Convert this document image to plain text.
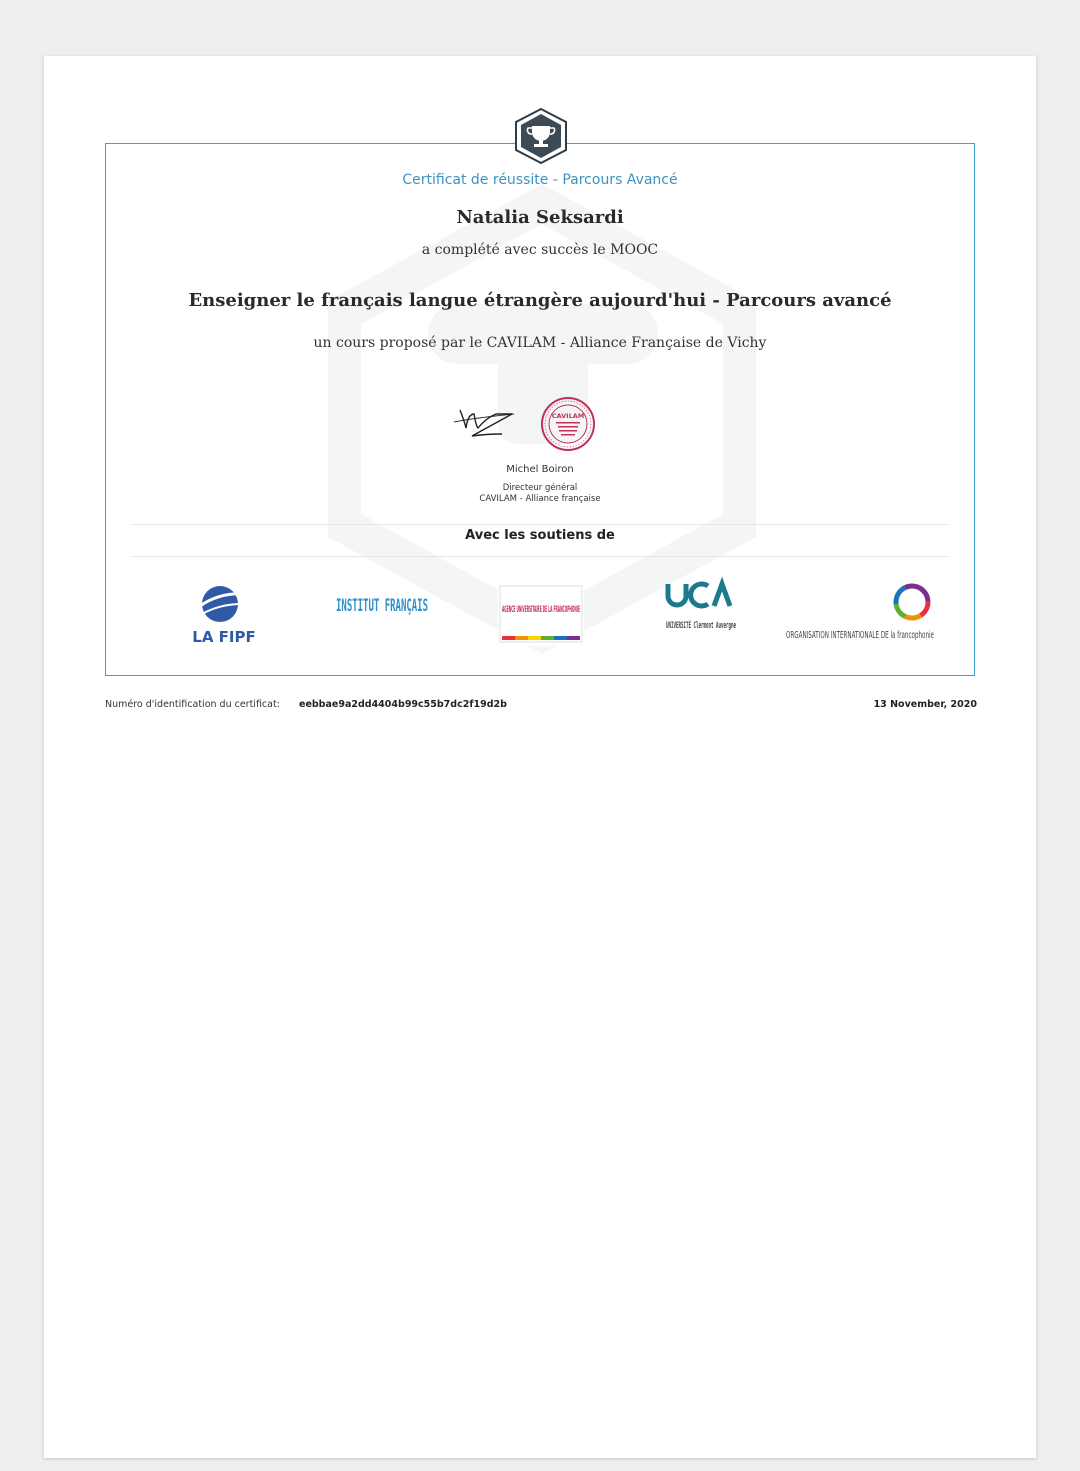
Certificat de réussite - Parcours Avancé
Natalia Seksardi
a complété avec succès le MOOC
Enseigner le français langue étrangère aujourd'hui - Parcours avancé
un cours proposé par le CAVILAM - Alliance Française de Vichy
CAVILAM
Michel Boiron
Directeur général
CAVILAM - Alliance française
Avec les soutiens de
LA FIPF
INSTITUT FRANÇAIS	AGENCE UNIVERSITAIRE DE LA FRANCOPHONIE
UNIVERSITÉ Clermont Auvergne
ORGANISATION INTERNATIONALE DE la francophonie
Numéro d'identification du certificat: eebbae9a2dd4404b99c55b7dc2f19d2b	13 November, 2020
